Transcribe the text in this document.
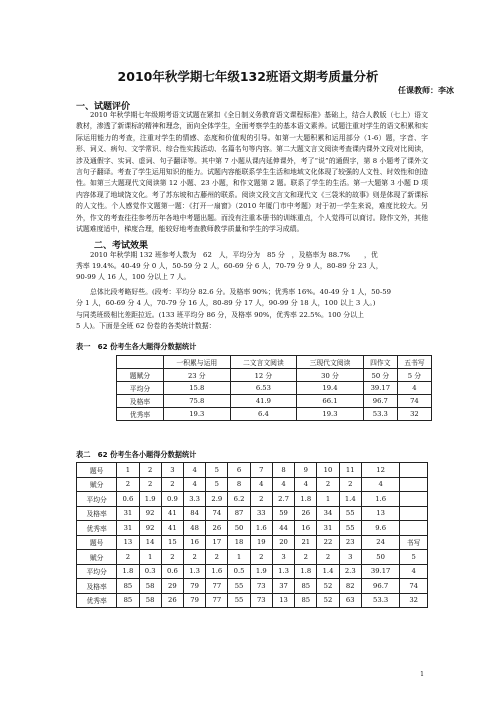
2010年秋学期七年级132班语文期考质量分析
任课教师：李冰
一、试题评价

2010 年秋学期七年级期考语文试题在紧扣《全日制义务教育语文课程标准》基础上，结合人教版（七上）语文教材，渗透了新课标的精神和理念，面向全体学生，全面考察学生的基本语文素养。试题注重对学生的语文积累和实际运用能力的考查，注重对学生的情感、态度和价值观的引导。如第一大题积累和运用部分（1-6）题，字音、字形、词义、病句、文学常识、综合性实践活动、名篇名句等内容。第二大题文言文阅读考查课内课外文段对比阅读，涉及通假字、实词、虚词、句子翻译等。其中第 7 小题从课内延伸课外，考了“说”的通假字，第 8 小题考了课外文言句子翻译。考查了学生运用知识的能力。试题内容能联系学生生活和地域文化体现了较强的人文性、时效性和创造性。如第三大题现代文阅读第 12 小题、23 小题，和作文题第 2 题。联系了学生的生活。第一大题第 3 小题 D 项内容体现了地域饶文化。考了苏东坡和古藤州的联系。阅读文段文言文和现代文《三袋米的故事》则是体现了新课标的人文性。个人感觉作文题第一题：《打开一扇窗》（2010 年厦门市中考题）对于初一学生来说，难度比较大。另外，作文的考查往往参考历年各地中考题出题。而没有注重本册书的训练重点，个人觉得可以商讨。除作文外，其他试题难度适中，梯度合理，能较好地考查教师教学质量和学生的学习成绩。

二、考试效果
2010 年秋学期 132 班参考人数为　62　人，平均分为　85 分　，及格率为 88.7%　　，优
秀率 19.4%。40-49 分 0 人，50-59 分 2 人，60-69 分 6 人，70-79 分 9 人，80-89 分 23 人，
90-99 人 16 人，100 分以上 7 人。
总体比段考略好些。(段考：平均分 82.6 分。及格率 90%；优秀率 16%。40-49 分 1 人，50-59
分 1 人，60-69 分 4 人，70-79 分 16 人，80-89 分 17 人，90-99 分 18 人，100 以上 3 人。)
与同类班级相比差距拉近。(133 班平均分 86 分，及格率 90%，优秀率 22.5%。100 分以上
5 人)。下面是全班 62 份卷的各类统计数据：
表一　62 份考生各大题得分数据统计
	一积累与运用	二文言文阅读	三现代文阅读	四作文	五书写
题赋分	23 分	12 分	30 分	50 分	5 分
平均分	15.8	6.53	19.4	39.17	4
及格率	75.8	41.9	66.1	96.7	74
优秀率	19.3	6.4	19.3	53.3	32
表二　62 份考生各小题得分数据统计
题号	1	2	3	4	5	6	7	8	9	10	11	12	
赋分	2	2	2	4	5	8	4	4	4	2	2	4	
平均分	0.6	1.9	0.9	3.3	2.9	6.2	2	2.7	1.8	1	1.4	1.6	
及格率	31	92	41	84	74	87	33	59	26	34	55	13	
优秀率	31	92	41	48	26	50	1.6	44	16	31	55	9.6	
题号	13	14	15	16	17	18	19	20	21	22	23	24	书写
赋分	2	1	2	2	2	1	2	3	2	2	3	50	5
平均分	1.8	0.3	0.6	1.3	1.6	0.5	1.9	1.3	1.8	1.4	2.3	39.17	4
及格率	85	58	29	79	77	55	73	37	85	52	82	96.7	74
优秀率	85	58	26	79	77	55	73	13	85	52	63	53.3	32
1
